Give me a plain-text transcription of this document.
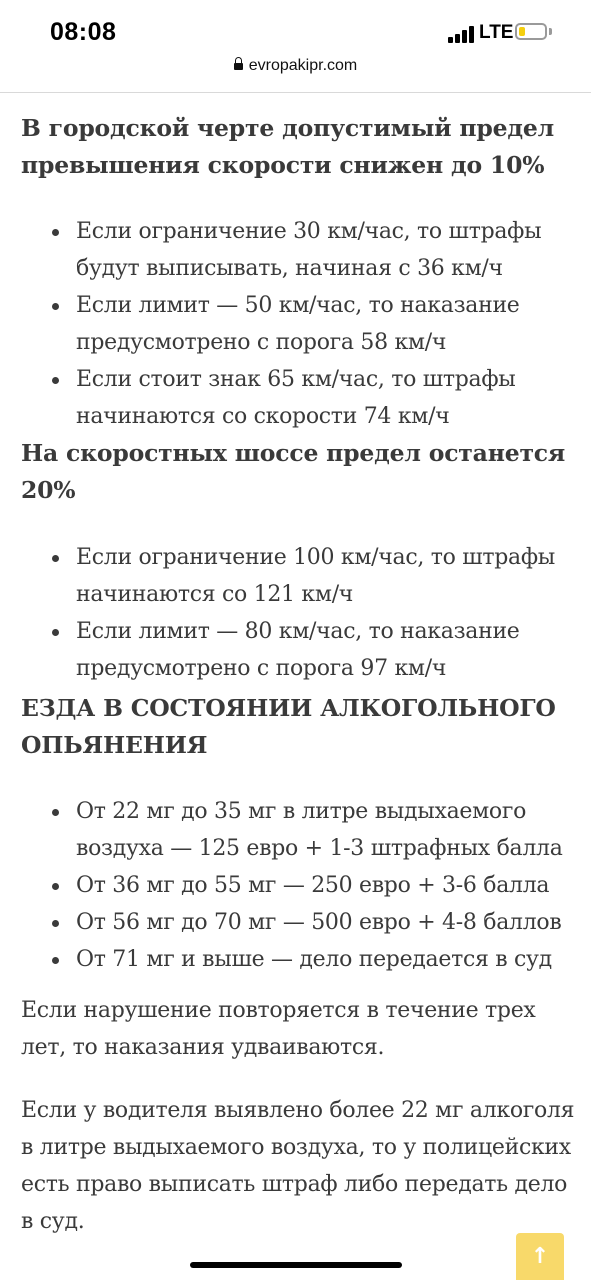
08:08	LTE
evropakipr.com
В городской черте допустимый предел превышения скорости снижен до 10%
Если ограничение 30 км/час, то штрафы будут выписывать, начиная с 36 км/ч
Если лимит — 50 км/час, то наказание предусмотрено с порога 58 км/ч
Если стоит знак 65 км/час, то штрафы начинаются со скорости 74 км/ч
На скоростных шоссе предел останется 20%
Если ограничение 100 км/час, то штрафы начинаются со 121 км/ч
Если лимит — 80 км/час, то наказание предусмотрено с порога 97 км/ч
ЕЗДА В СОСТОЯНИИ АЛКОГОЛЬНОГО ОПЬЯНЕНИЯ
От 22 мг до 35 мг в литре выдыхаемого воздуха — 125 евро + 1-3 штрафных балла
От 36 мг до 55 мг — 250 евро + 3-6 балла
От 56 мг до 70 мг — 500 евро + 4-8 баллов
От 71 мг и выше — дело передается в суд

Если нарушение повторяется в течение трех лет, то наказания удваиваются.

Если у водителя выявлено более 22 мг алкоголя в литре выдыхаемого воздуха, то у полицейских есть право выписать штраф либо передать дело в суд.

↑
